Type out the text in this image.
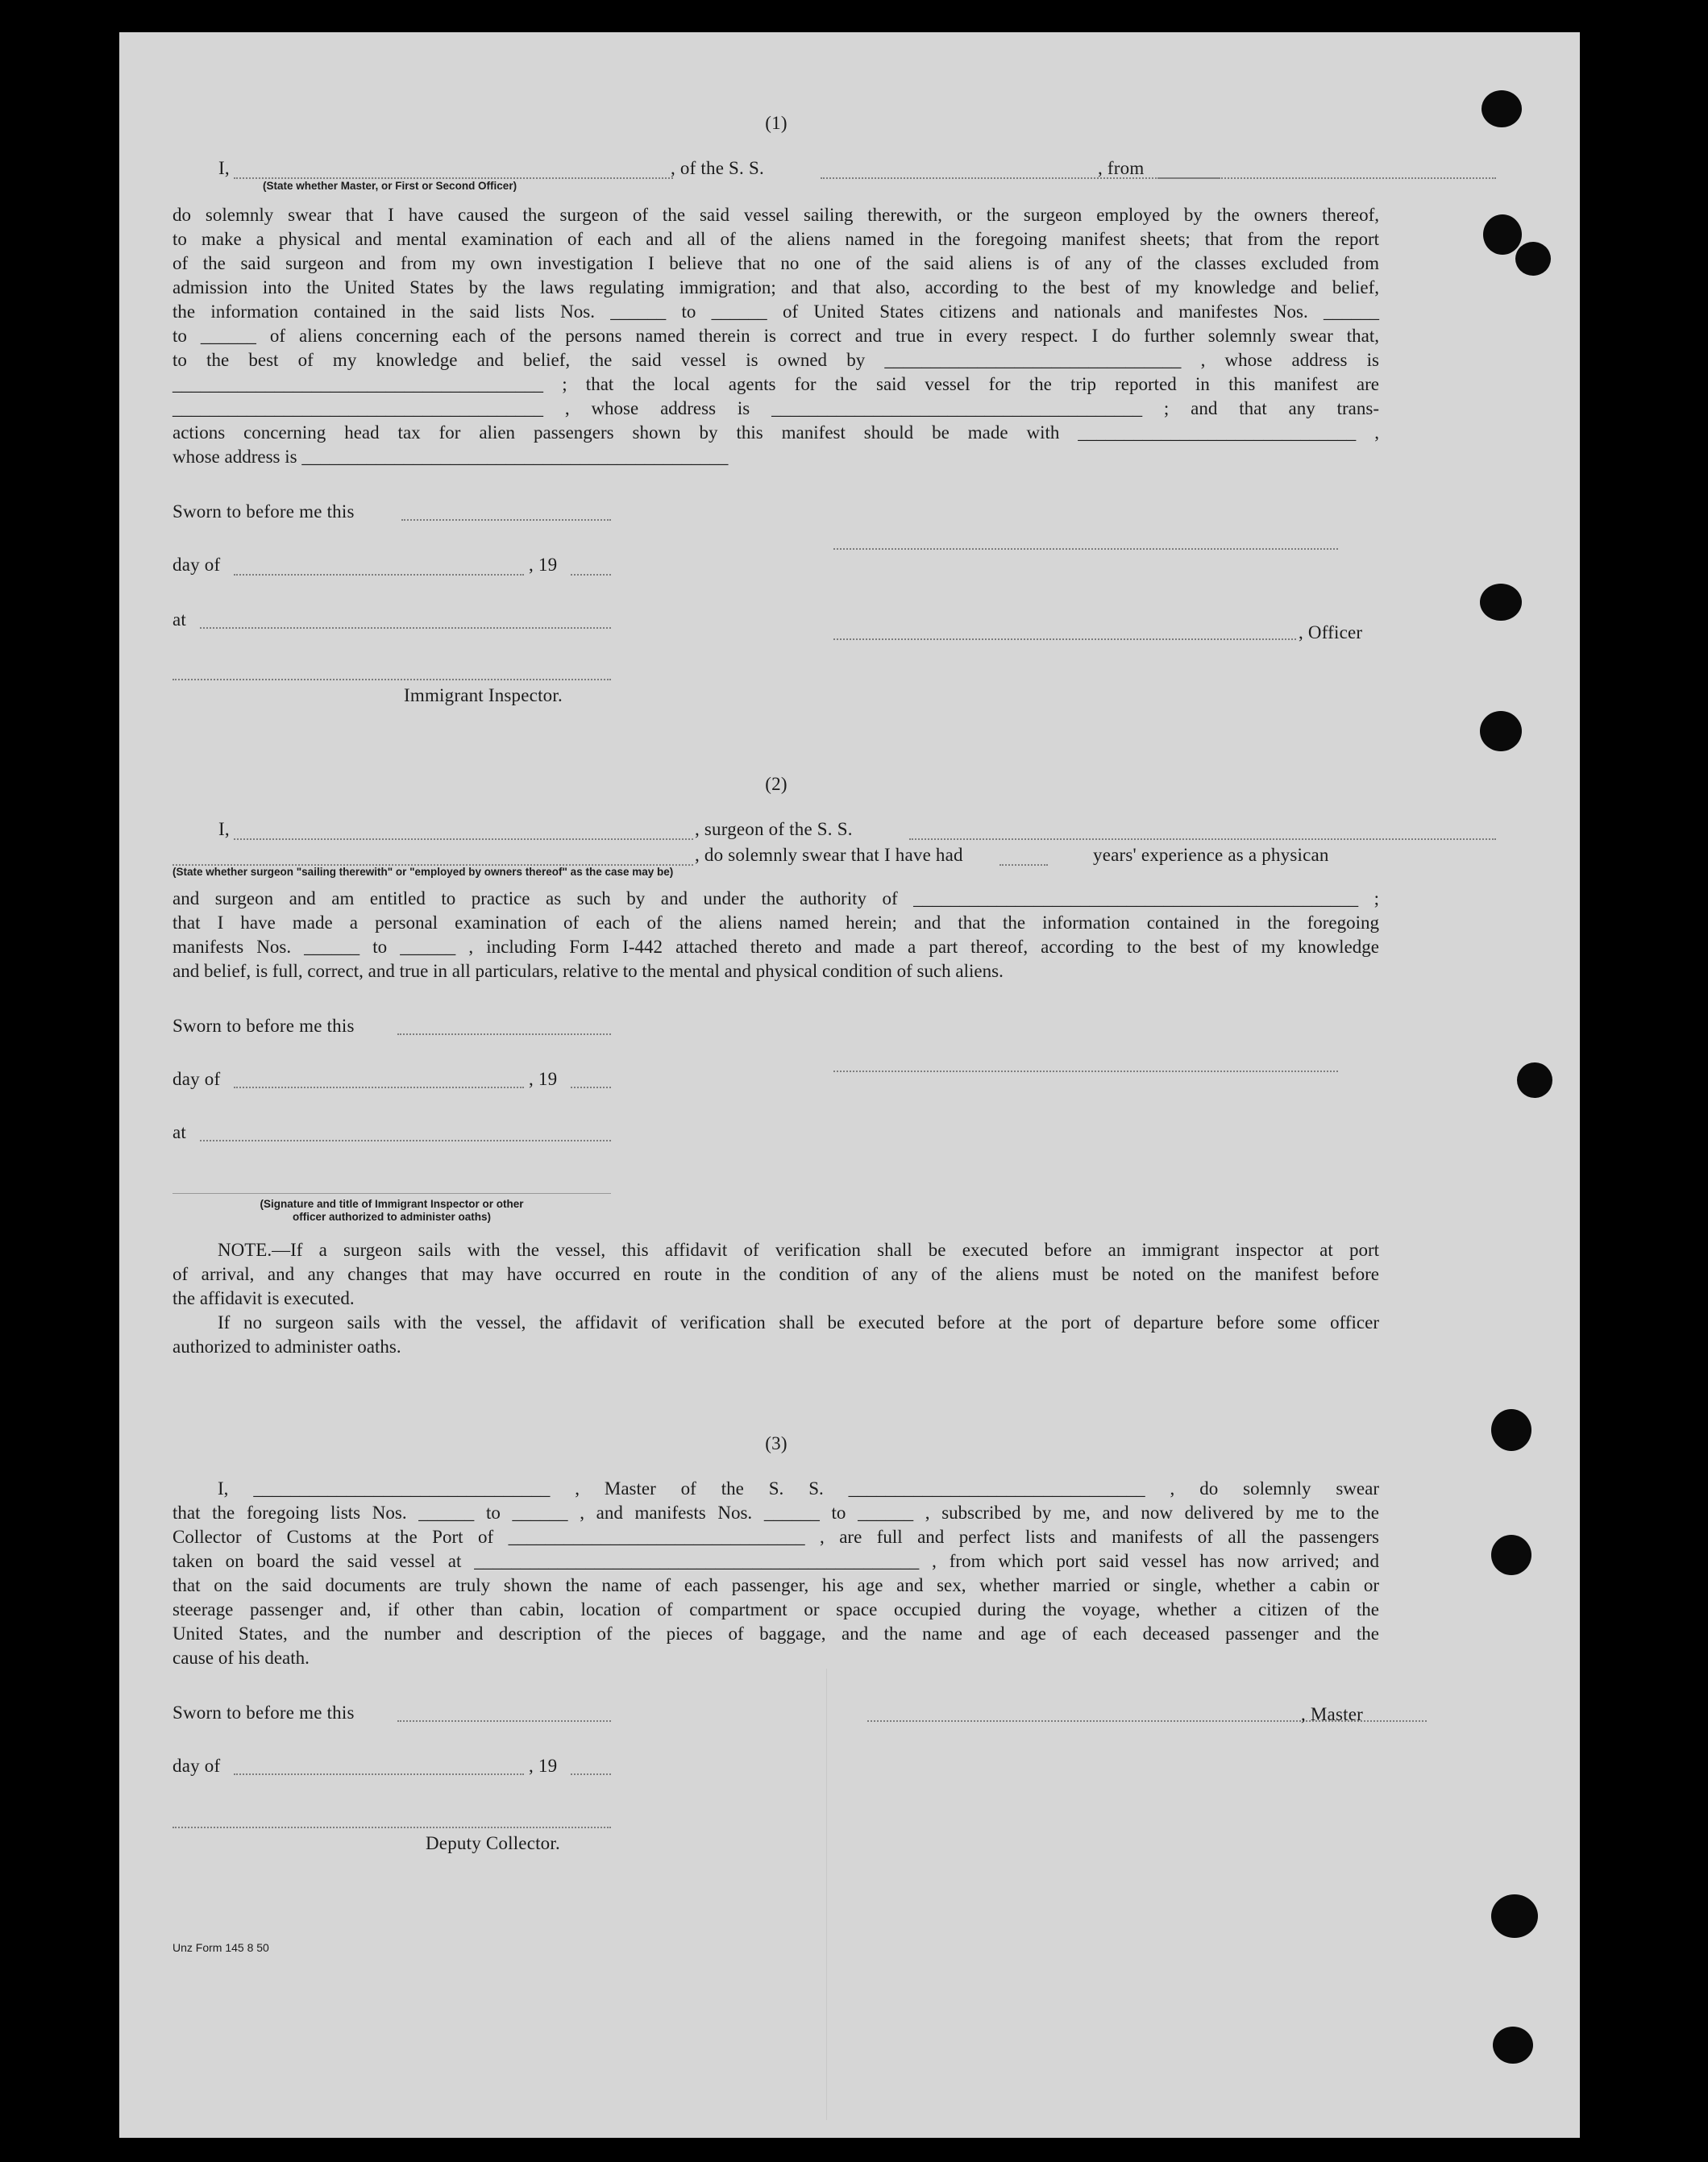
(1)
I,
(State whether Master, or First or Second Officer)
, of the S. S.	, from
do solemnly swear that I have caused the surgeon of the said vessel sailing therewith, or the surgeon employed by the owners thereof,
to make a physical and mental examination of each and all of the aliens named in the foregoing manifest sheets; that from the report
of the said surgeon and from my own investigation I believe that no one of the said aliens is of any of the classes excluded from
admission into the United States by the laws regulating immigration; and that also, according to the best of my knowledge and belief,
the information contained in the said lists Nos. ______ to ______ of United States citizens and nationals and manifestes Nos. ______
to ______ of aliens concerning each of the persons named therein is correct and true in every respect. I do further solemnly swear that,
to the best of my knowledge and belief, the said vessel is owned by ________________________________ , whose address is
________________________________________ ; that the local agents for the said vessel for the trip reported in this manifest are
________________________________________ , whose address is ________________________________________ ; and that any trans-
actions concerning head tax for alien passengers shown by this manifest should be made with ______________________________ ,
whose address is ______________________________________________
Sworn to before me this
day of	, 19
at
Immigrant Inspector.
, Officer
(2)
I,	, surgeon of the S. S.
, do solemnly swear that I have had	years' experience as a physican
(State whether surgeon "sailing therewith" or "employed by owners thereof" as the case may be)
and surgeon and am entitled to practice as such by and under the authority of ________________________________________________ ;
that I have made a personal examination of each of the aliens named herein; and that the information contained in the foregoing
manifests Nos. ______ to ______ , including Form I-442 attached thereto and made a part thereof, according to the best of my knowledge
and belief, is full, correct, and true in all particulars, relative to the mental and physical condition of such aliens.
Sworn to before me this
day of	, 19
at
(Signature and title of Immigrant Inspector or other
officer authorized to administer oaths)
NOTE.—If a surgeon sails with the vessel, this affidavit of verification shall be executed before an immigrant inspector at port
of arrival, and any changes that may have occurred en route in the condition of any of the aliens must be noted on the manifest before
the affidavit is executed.
If no surgeon sails with the vessel, the affidavit of verification shall be executed before at the port of departure before some officer
authorized to administer oaths.
(3)
I, ________________________________ , Master of the S. S. ________________________________ , do solemnly swear
that the foregoing lists Nos. ______ to ______ , and manifests Nos. ______ to ______ , subscribed by me, and now delivered by me to the
Collector of Customs at the Port of ________________________________ , are full and perfect lists and manifests of all the passengers
taken on board the said vessel at ________________________________________________ , from which port said vessel has now arrived; and
that on the said documents are truly shown the name of each passenger, his age and sex, whether married or single, whether a cabin or
steerage passenger and, if other than cabin, location of compartment or space occupied during the voyage, whether a citizen of the
United States, and the number and description of the pieces of baggage, and the name and age of each deceased passenger and the
cause of his death.
Sworn to before me this	, Master
day of	, 19
Deputy Collector.
Unz Form 145 8 50
